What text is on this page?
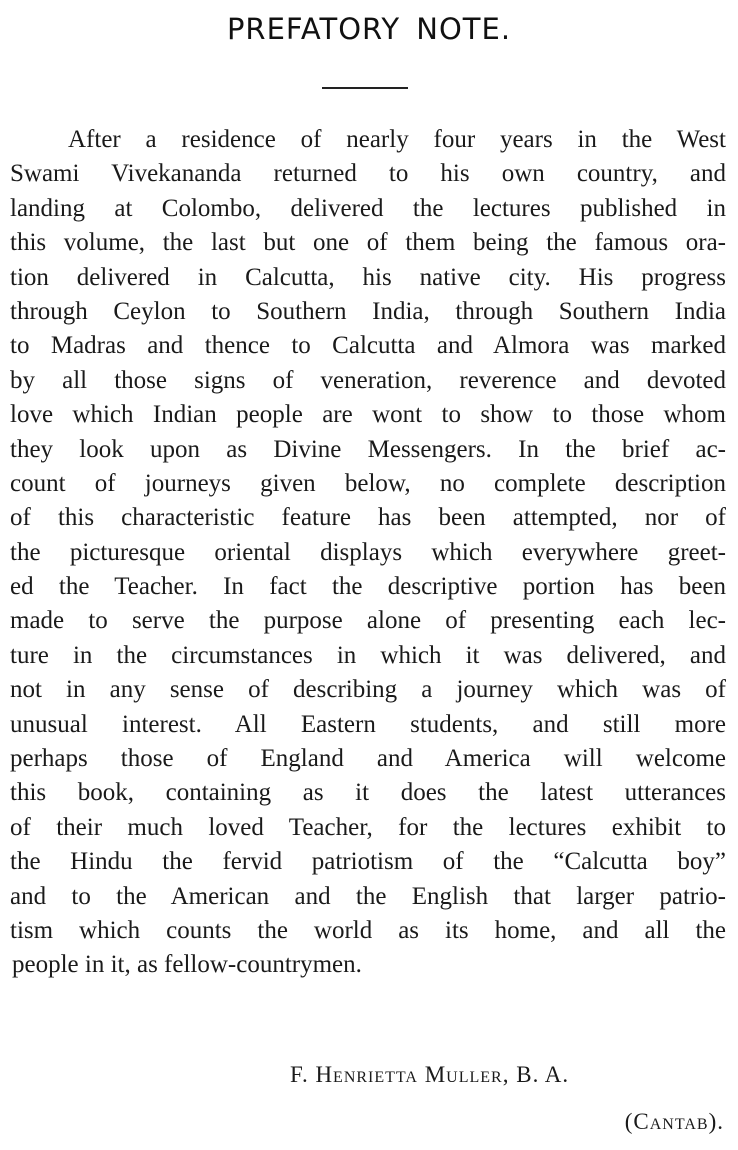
PREFATORY NOTE.
After a residence of nearly four years in the West
Swami Vivekananda returned to his own country, and
landing at Colombo, delivered the lectures published in
this volume, the last but one of them being the famous ora-
tion delivered in Calcutta, his native city. His progress
through Ceylon to Southern India, through Southern India
to Madras and thence to Calcutta and Almora was marked
by all those signs of veneration, reverence and devoted
love which Indian people are wont to show to those whom
they look upon as Divine Messengers. In the brief ac-
count of journeys given below, no complete description
of this characteristic feature has been attempted, nor of
the picturesque oriental displays which everywhere greet-
ed the Teacher. In fact the descriptive portion has been
made to serve the purpose alone of presenting each lec-
ture in the circumstances in which it was delivered, and
not in any sense of describing a journey which was of
unusual interest. All Eastern students, and still more
perhaps those of England and America will welcome
this book, containing as it does the latest utterances
of their much loved Teacher, for the lectures exhibit to
the Hindu the fervid patriotism of the “Calcutta boy”
and to the American and the English that larger patrio-
tism which counts the world as its home, and all the
people in it, as fellow-countrymen.
F. Henrietta Muller, B. A.
(Cantab).
